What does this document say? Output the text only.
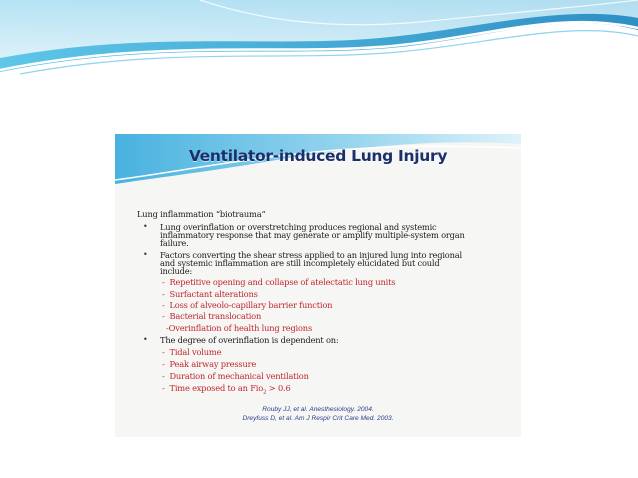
Ventilator-induced Lung Injury
Lung inflammation “biotrauma”
• Lung overinflation or overstretching produces regional and systemic
inflammatory response that may generate or amplify multiple-system organ
failure.
• Factors converting the shear stress applied to an injured lung into regional
and systemic inflammation are still incompletely elucidated but could
include:
-  Repetitive opening and collapse of atelectatic lung units
-  Surfactant alterations
-  Loss of alveolo-capillary barrier function
-  Bacterial translocation
-Overinflation of health lung regions
• The degree of overinflation is dependent on:
-  Tidal volume
-  Peak airway pressure
-  Duration of mechanical ventilation
-  Time exposed to an Fio$_2$ > 0.6
Rouby JJ, et al. Anesthesiology. 2004.
Dreyfuss D, et al. Am J Respir Crit Care Med. 2003.
